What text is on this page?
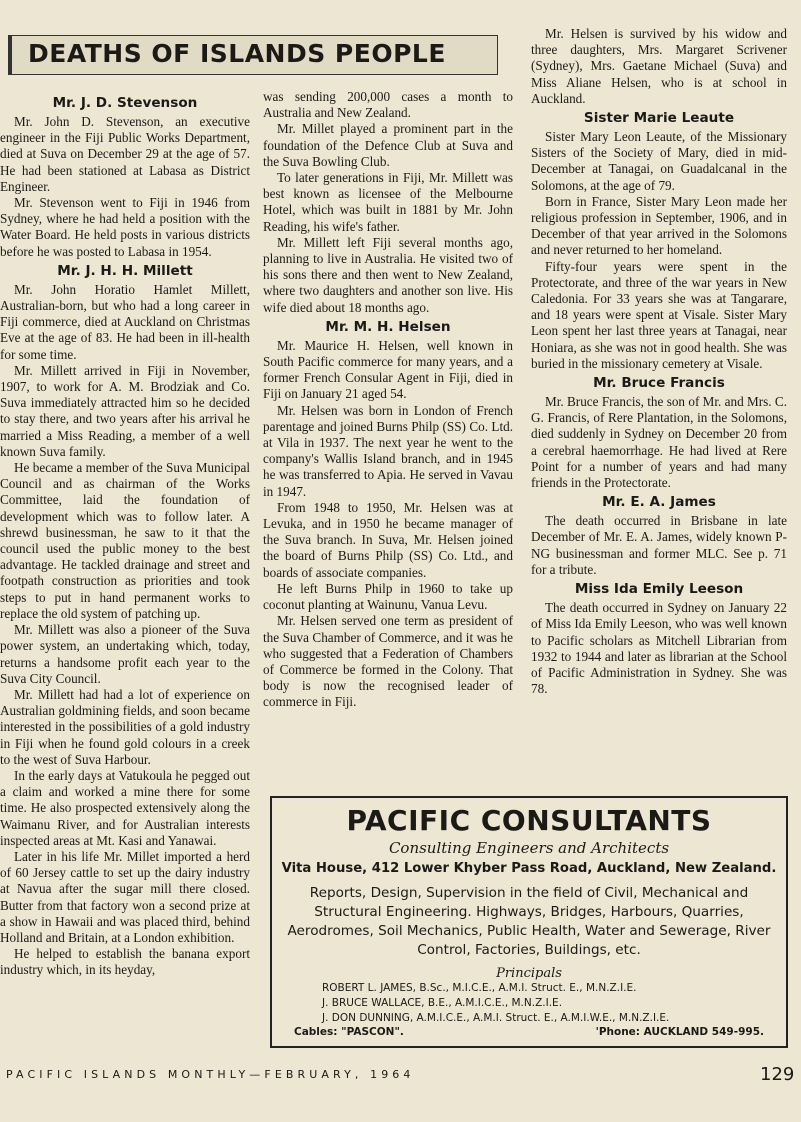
DEATHS OF ISLANDS PEOPLE
Mr. J. D. Stevenson

Mr. John D. Stevenson, an executive engineer in the Fiji Public Works Department, died at Suva on December 29 at the age of 57. He had been stationed at Labasa as District Engineer.

Mr. Stevenson went to Fiji in 1946 from Sydney, where he had held a position with the Water Board. He held posts in various districts before he was posted to Labasa in 1954.

Mr. J. H. H. Millett

Mr. John Horatio Hamlet Millett, Australian-born, but who had a long career in Fiji commerce, died at Auckland on Christmas Eve at the age of 83. He had been in ill-health for some time.

Mr. Millett arrived in Fiji in November, 1907, to work for A. M. Brodziak and Co. Suva immediately attracted him so he decided to stay there, and two years after his arrival he married a Miss Reading, a member of a well known Suva family.

He became a member of the Suva Municipal Council and as chairman of the Works Committee, laid the foundation of development which was to follow later. A shrewd businessman, he saw to it that the council used the public money to the best advantage. He tackled drainage and street and footpath construction as priorities and took steps to put in hand permanent works to replace the old system of patching up.

Mr. Millett was also a pioneer of the Suva power system, an undertaking which, today, returns a handsome profit each year to the Suva City Council.

Mr. Millett had had a lot of experience on Australian goldmining fields, and soon became interested in the possibilities of a gold industry in Fiji when he found gold colours in a creek to the west of Suva Harbour.

In the early days at Vatukoula he pegged out a claim and worked a mine there for some time. He also prospected extensively along the Waimanu River, and for Australian interests inspected areas at Mt. Kasi and Yanawai.

Later in his life Mr. Millet imported a herd of 60 Jersey cattle to set up the dairy industry at Navua after the sugar mill there closed. Butter from that factory won a second prize at a show in Hawaii and was placed third, behind Holland and Britain, at a London exhibition.

He helped to establish the banana export industry which, in its heyday,

was sending 200,000 cases a month to Australia and New Zealand.

Mr. Millet played a prominent part in the foundation of the Defence Club at Suva and the Suva Bowling Club.

To later generations in Fiji, Mr. Millett was best known as licensee of the Melbourne Hotel, which was built in 1881 by Mr. John Reading, his wife's father.

Mr. Millett left Fiji several months ago, planning to live in Australia. He visited two of his sons there and then went to New Zealand, where two daughters and another son live. His wife died about 18 months ago.

Mr. M. H. Helsen

Mr. Maurice H. Helsen, well known in South Pacific commerce for many years, and a former French Consular Agent in Fiji, died in Fiji on January 21 aged 54.

Mr. Helsen was born in London of French parentage and joined Burns Philp (SS) Co. Ltd. at Vila in 1937. The next year he went to the company's Wallis Island branch, and in 1945 he was transferred to Apia. He served in Vavau in 1947.

From 1948 to 1950, Mr. Helsen was at Levuka, and in 1950 he became manager of the Suva branch. In Suva, Mr. Helsen joined the board of Burns Philp (SS) Co. Ltd., and boards of associate companies.

He left Burns Philp in 1960 to take up coconut planting at Wainunu, Vanua Levu.

Mr. Helsen served one term as president of the Suva Chamber of Commerce, and it was he who suggested that a Federation of Chambers of Commerce be formed in the Colony. That body is now the recognised leader of commerce in Fiji.

Mr. Helsen is survived by his widow and three daughters, Mrs. Margaret Scrivener (Sydney), Mrs. Gaetane Michael (Suva) and Miss Aliane Helsen, who is at school in Auckland.

Sister Marie Leaute

Sister Mary Leon Leaute, of the Missionary Sisters of the Society of Mary, died in mid-December at Tanagai, on Guadalcanal in the Solomons, at the age of 79.

Born in France, Sister Mary Leon made her religious profession in September, 1906, and in December of that year arrived in the Solomons and never returned to her homeland.

Fifty-four years were spent in the Protectorate, and three of the war years in New Caledonia. For 33 years she was at Tangarare, and 18 years were spent at Visale. Sister Mary Leon spent her last three years at Tanagai, near Honiara, as she was not in good health. She was buried in the missionary cemetery at Visale.

Mr. Bruce Francis

Mr. Bruce Francis, the son of Mr. and Mrs. C. G. Francis, of Rere Plantation, in the Solomons, died suddenly in Sydney on December 20 from a cerebral haemorrhage. He had lived at Rere Point for a number of years and had many friends in the Protectorate.

Mr. E. A. James

The death occurred in Brisbane in late December of Mr. E. A. James, widely known P-NG businessman and former MLC. See p. 71 for a tribute.

Miss Ida Emily Leeson

The death occurred in Sydney on January 22 of Miss Ida Emily Leeson, who was well known to Pacific scholars as Mitchell Librarian from 1932 to 1944 and later as librarian at the School of Pacific Administration in Sydney. She was 78.

PACIFIC CONSULTANTS
Consulting Engineers and Architects
Vita House, 412 Lower Khyber Pass Road, Auckland, New Zealand.
Reports, Design, Supervision in the field of Civil, Mechanical and Structural Engineering. Highways, Bridges, Harbours, Quarries, Aerodromes, Soil Mechanics, Public Health, Water and Sewerage, River Control, Factories, Buildings, etc.
Principals
ROBERT L. JAMES, B.Sc., M.I.C.E., A.M.I. Struct. E., M.N.Z.I.E.
J. BRUCE WALLACE, B.E., A.M.I.C.E., M.N.Z.I.E.
J. DON DUNNING, A.M.I.C.E., A.M.I. Struct. E., A.M.I.W.E., M.N.Z.I.E.
Cables: "PASCON".	'Phone: AUCKLAND 549-995.
PACIFIC ISLANDS MONTHLY—FEBRUARY, 1964	129
